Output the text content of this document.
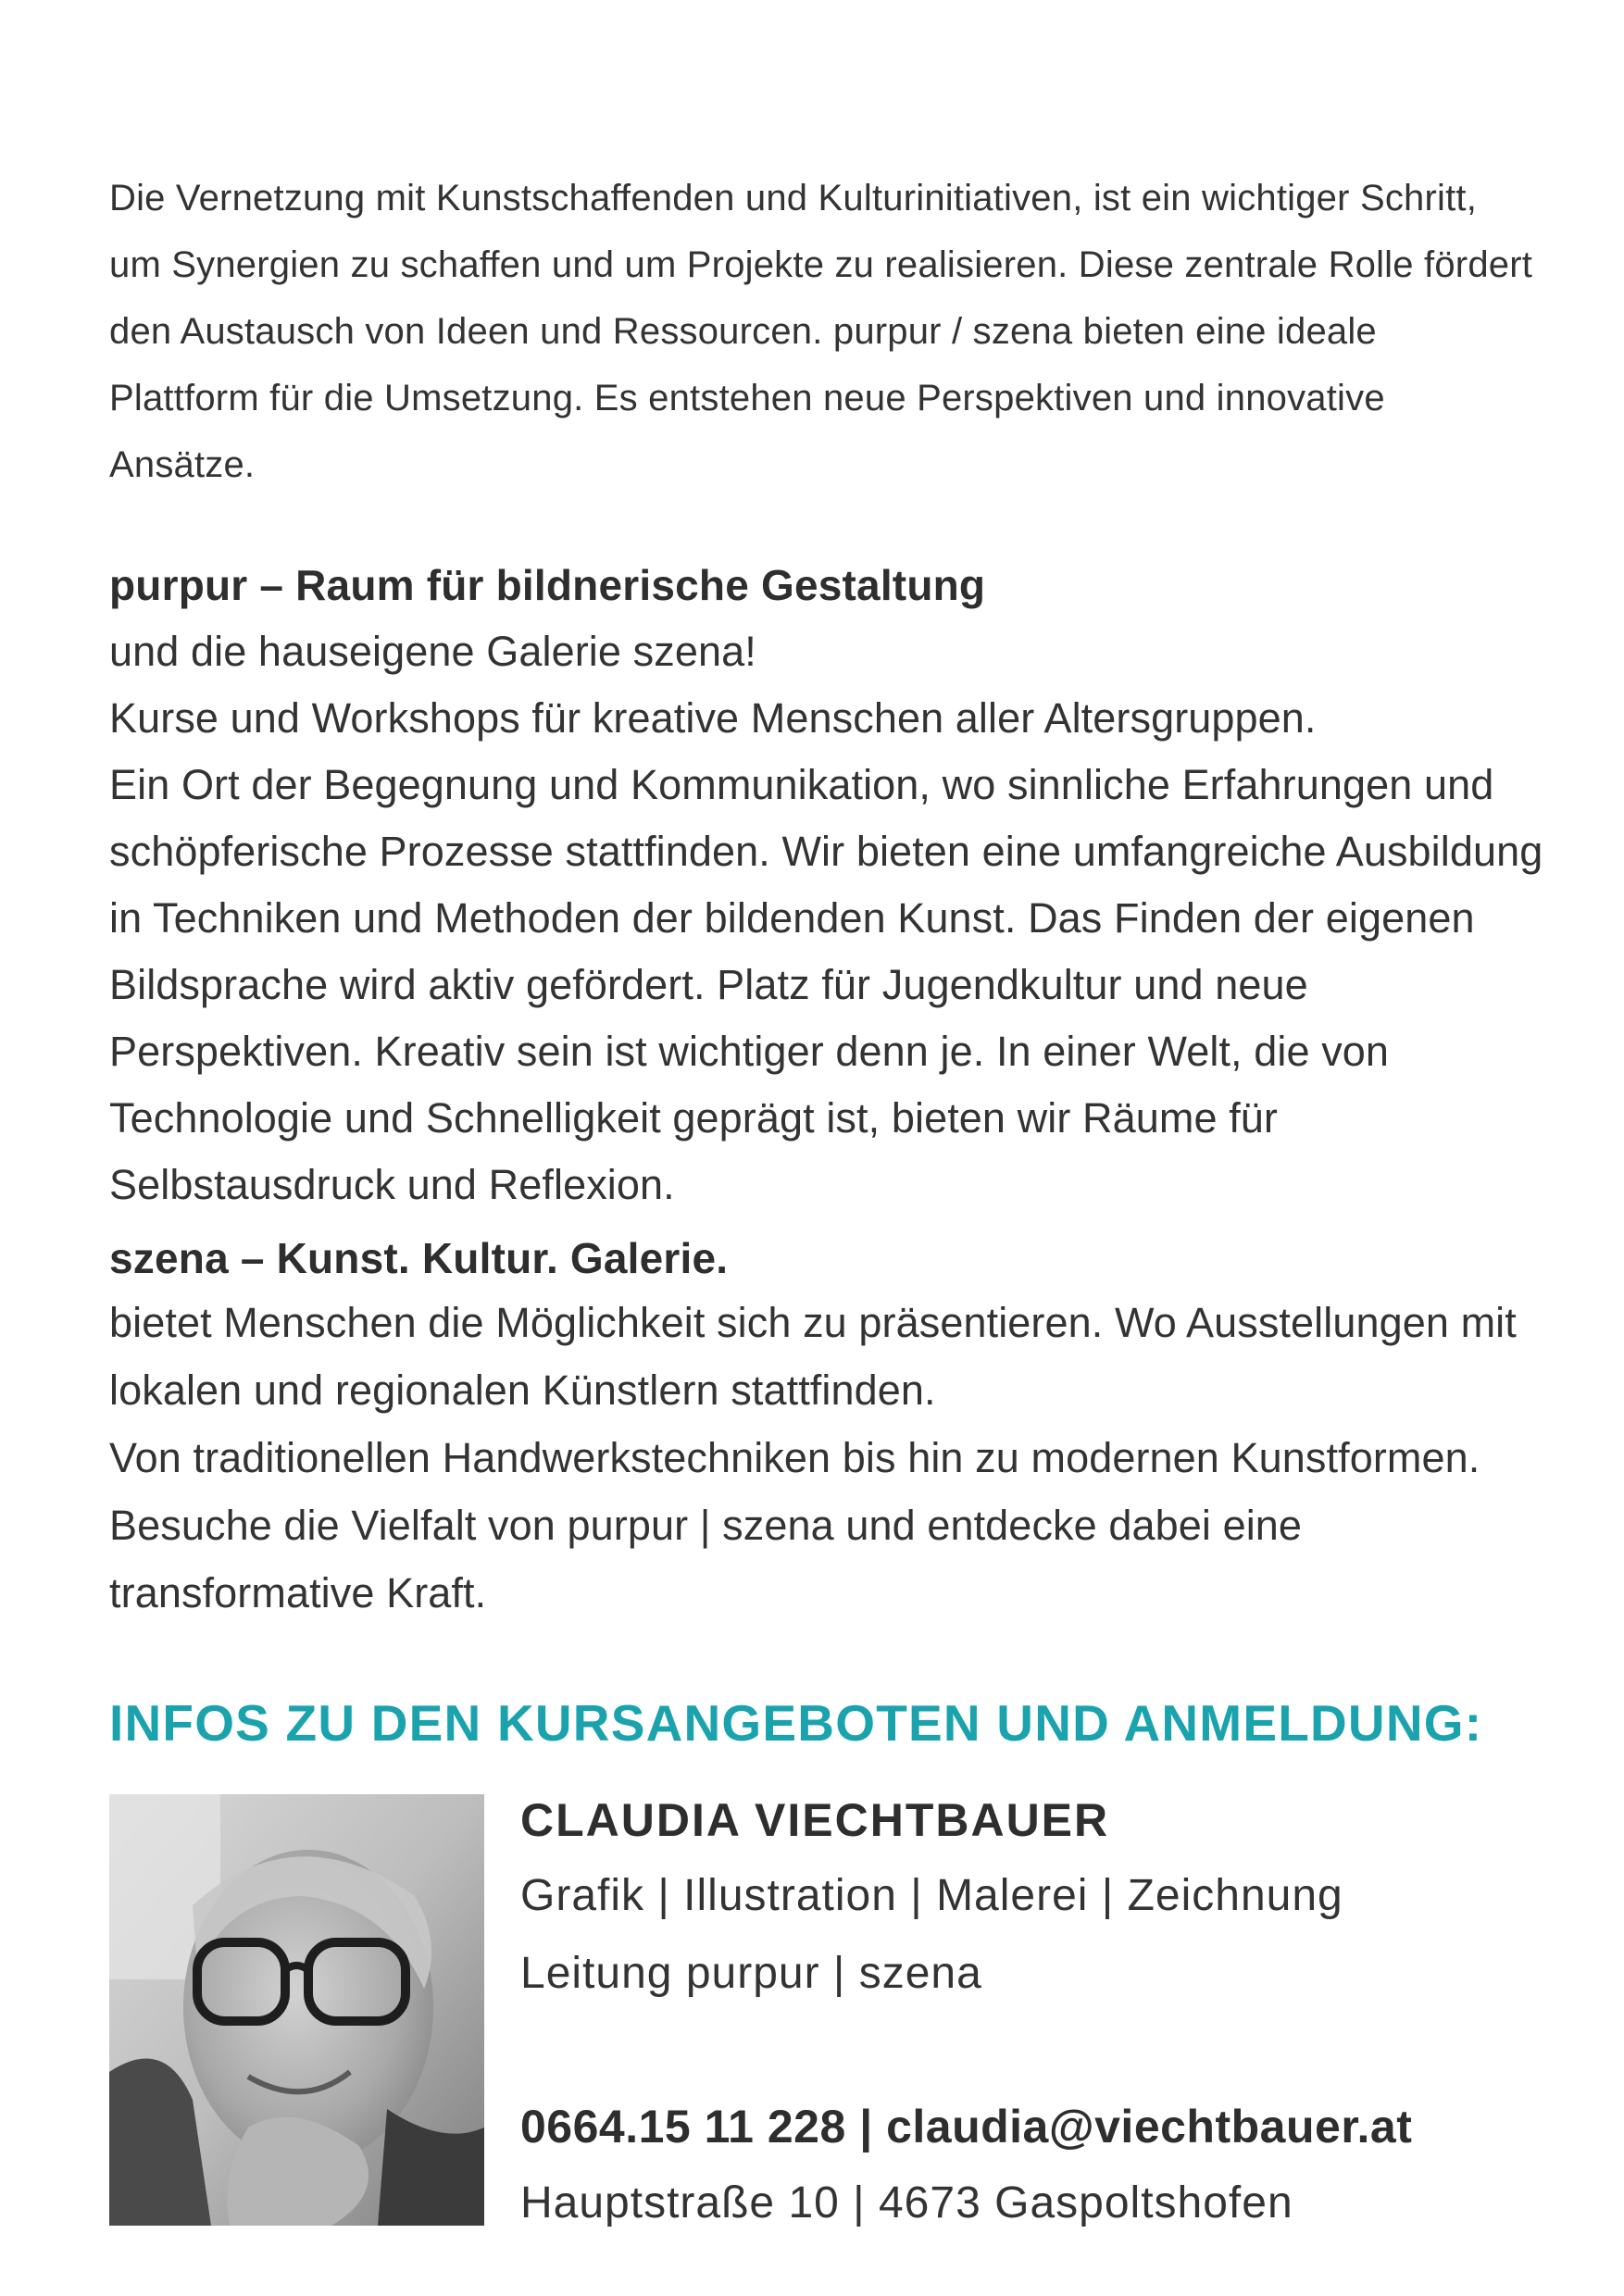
Die Vernetzung mit Kunstschaffenden und Kulturinitiativen, ist ein wichtiger Schritt, um Synergien zu schaffen und um Projekte zu realisieren. Diese zentrale Rolle fördert den Austausch von Ideen und Ressourcen. purpur / szena bieten eine ideale Plattform für die Umsetzung. Es entstehen neue Perspektiven und innovative Ansätze.
purpur – Raum für bildnerische Gestaltung

und die hauseigene Galerie szena!

Kurse und Workshops für kreative Menschen aller Altersgruppen.

Ein Ort der Begegnung und Kommunikation, wo sinnliche Erfahrungen und schöpferische Prozesse stattfinden. Wir bieten eine umfangreiche Ausbildung in Techniken und Methoden der bildenden Kunst. Das Finden der eigenen Bildsprache wird aktiv gefördert. Platz für Jugendkultur und neue Perspektiven. Kreativ sein ist wichtiger denn je. In einer Welt, die von Technologie und Schnelligkeit geprägt ist, bieten wir Räume für Selbstausdruck und Reflexion.

szena – Kunst. Kultur. Galerie.

bietet Menschen die Möglichkeit sich zu präsentieren. Wo Ausstellungen mit lokalen und regionalen Künstlern stattfinden.

Von traditionellen Handwerkstechniken bis hin zu modernen Kunstformen. Besuche die Vielfalt von purpur | szena und entdecke dabei eine transformative Kraft.

INFOS ZU DEN KURSANGEBOTEN UND ANMELDUNG:
CLAUDIA VIECHTBAUER
Grafik | Illustration | Malerei | Zeichnung
Leitung purpur | szena
0664.15 11 228 | claudia@viechtbauer.at
Hauptstraße 10 | 4673 Gaspoltshofen
